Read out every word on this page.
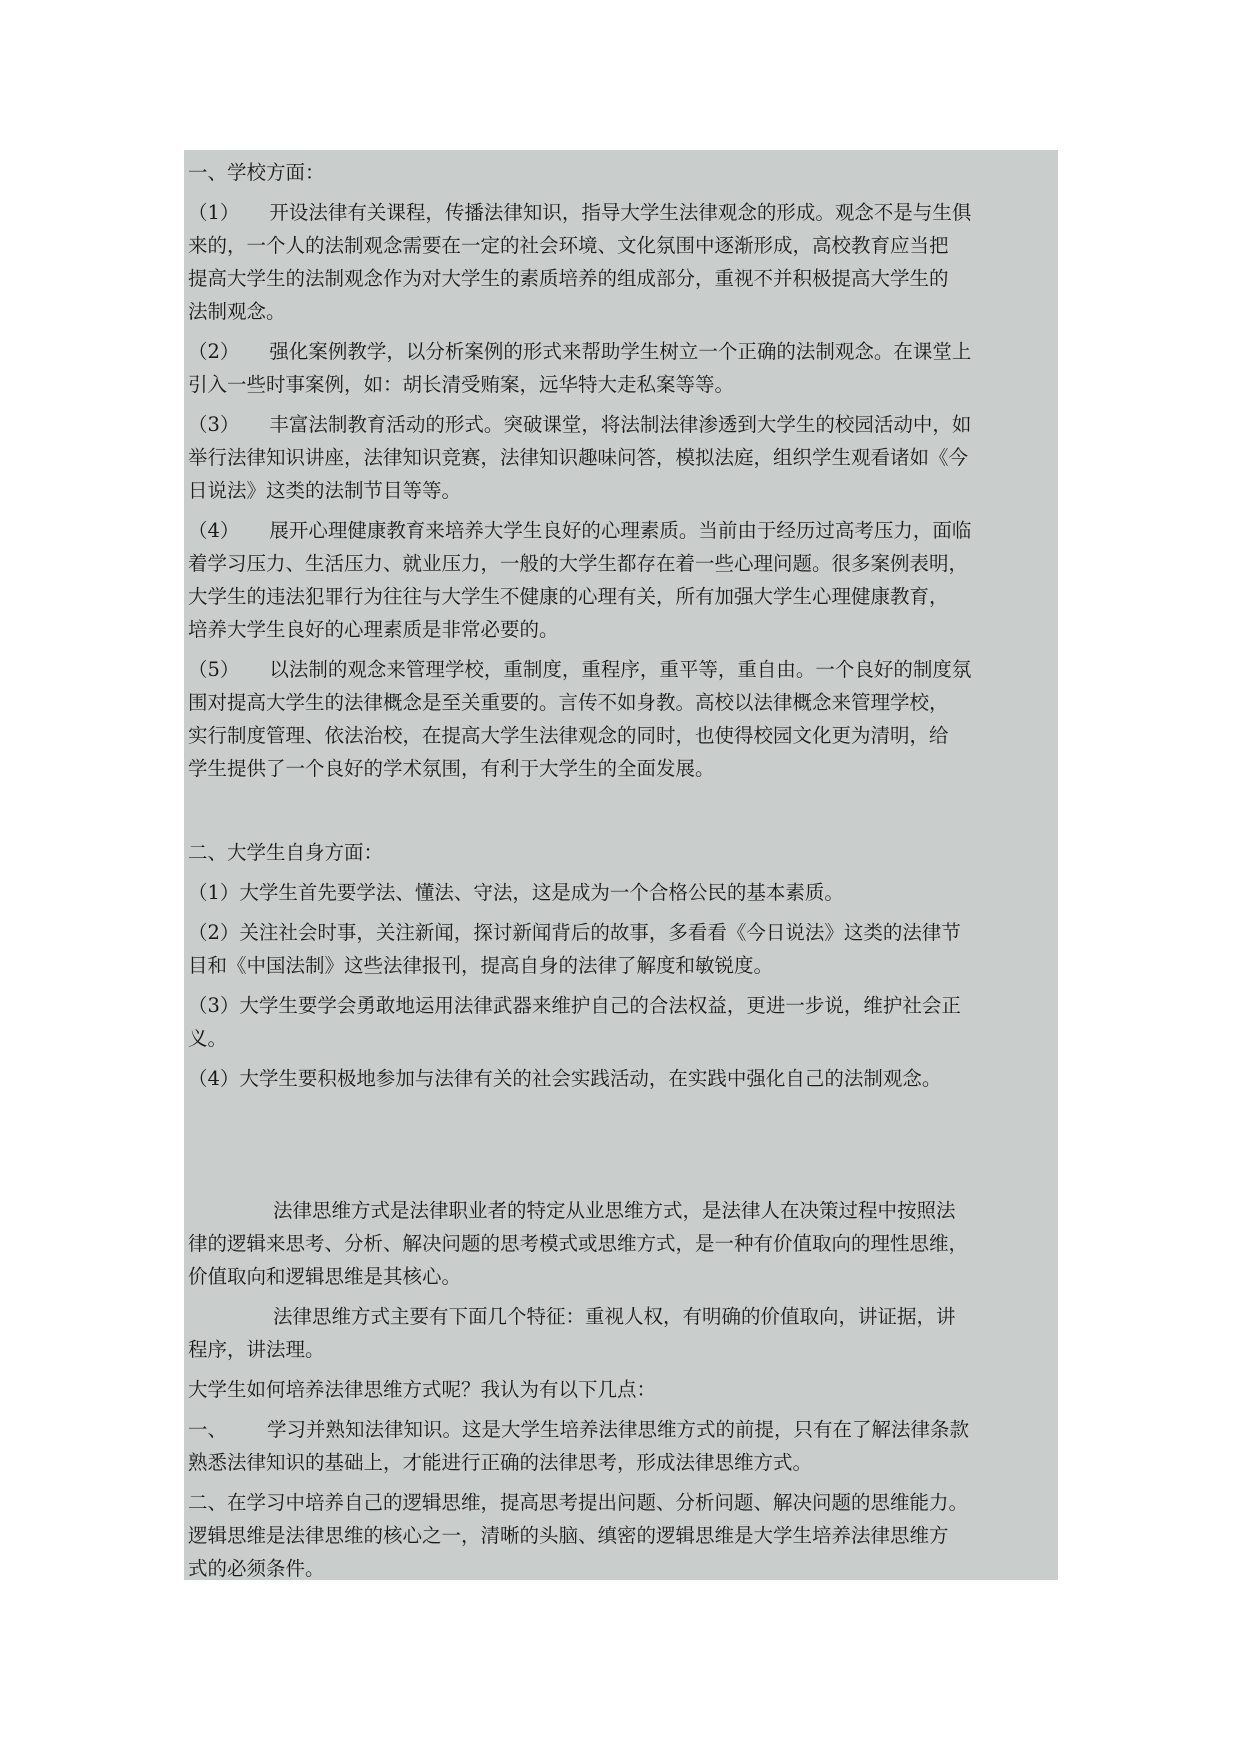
一、学校方面：

（1） 开设法律有关课程，传播法律知识，指导大学生法律观念的形成。观念不是与生俱

来的，一个人的法制观念需要在一定的社会环境、文化氛围中逐渐形成，高校教育应当把

提高大学生的法制观念作为对大学生的素质培养的组成部分，重视不并积极提高大学生的

法制观念。

（2） 强化案例教学，以分析案例的形式来帮助学生树立一个正确的法制观念。在课堂上

引入一些时事案例，如：胡长清受贿案，远华特大走私案等等。

（3） 丰富法制教育活动的形式。突破课堂，将法制法律渗透到大学生的校园活动中，如

举行法律知识讲座，法律知识竞赛，法律知识趣味问答，模拟法庭，组织学生观看诸如《今

日说法》这类的法制节目等等。

（4） 展开心理健康教育来培养大学生良好的心理素质。当前由于经历过高考压力，面临

着学习压力、生活压力、就业压力，一般的大学生都存在着一些心理问题。很多案例表明，

大学生的违法犯罪行为往往与大学生不健康的心理有关，所有加强大学生心理健康教育，

培养大学生良好的心理素质是非常必要的。

（5） 以法制的观念来管理学校，重制度，重程序，重平等，重自由。一个良好的制度氛

围对提高大学生的法律概念是至关重要的。言传不如身教。高校以法律概念来管理学校，

实行制度管理、依法治校，在提高大学生法律观念的同时，也使得校园文化更为清明，给

学生提供了一个良好的学术氛围，有利于大学生的全面发展。

二、大学生自身方面：

（1）大学生首先要学法、懂法、守法，这是成为一个合格公民的基本素质。

（2）关注社会时事，关注新闻，探讨新闻背后的故事，多看看《今日说法》这类的法律节

目和《中国法制》这些法律报刊，提高自身的法律了解度和敏锐度。

（3）大学生要学会勇敢地运用法律武器来维护自己的合法权益，更进一步说，维护社会正

义。

（4）大学生要积极地参加与法律有关的社会实践活动，在实践中强化自己的法制观念。

法律思维方式是法律职业者的特定从业思维方式，是法律人在决策过程中按照法

律的逻辑来思考、分析、解决问题的思考模式或思维方式，是一种有价值取向的理性思维，

价值取向和逻辑思维是其核心。

法律思维方式主要有下面几个特征：重视人权，有明确的价值取向，讲证据，讲

程序，讲法理。

大学生如何培养法律思维方式呢？我认为有以下几点：

一、 学习并熟知法律知识。这是大学生培养法律思维方式的前提，只有在了解法律条款

熟悉法律知识的基础上，才能进行正确的法律思考，形成法律思维方式。

二、在学习中培养自己的逻辑思维，提高思考提出问题、分析问题、解决问题的思维能力。

逻辑思维是法律思维的核心之一，清晰的头脑、缜密的逻辑思维是大学生培养法律思维方

式的必须条件。
